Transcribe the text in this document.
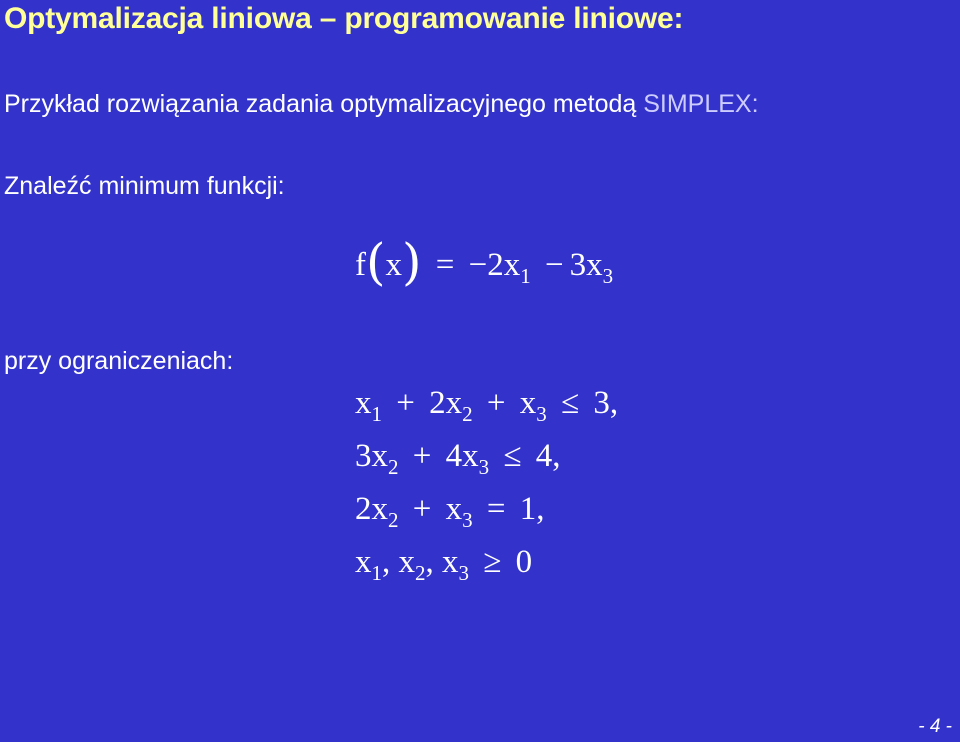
Optymalizacja liniowa – programowanie liniowe:
Przykład rozwiązania zadania optymalizacyjnego metodą SIMPLEX:
Znaleźć minimum funkcji:
$f(x) = -2x_1 - 3x_3$
przy ograniczeniach:
$x_1 + 2x_2 + x_3 \le 3$,
$3x_2 + 4x_3 \le 4$,
$2x_2 + x_3 = 1$,
$x_1$, $x_2$, $x_3 \ge 0$
- 4 -
